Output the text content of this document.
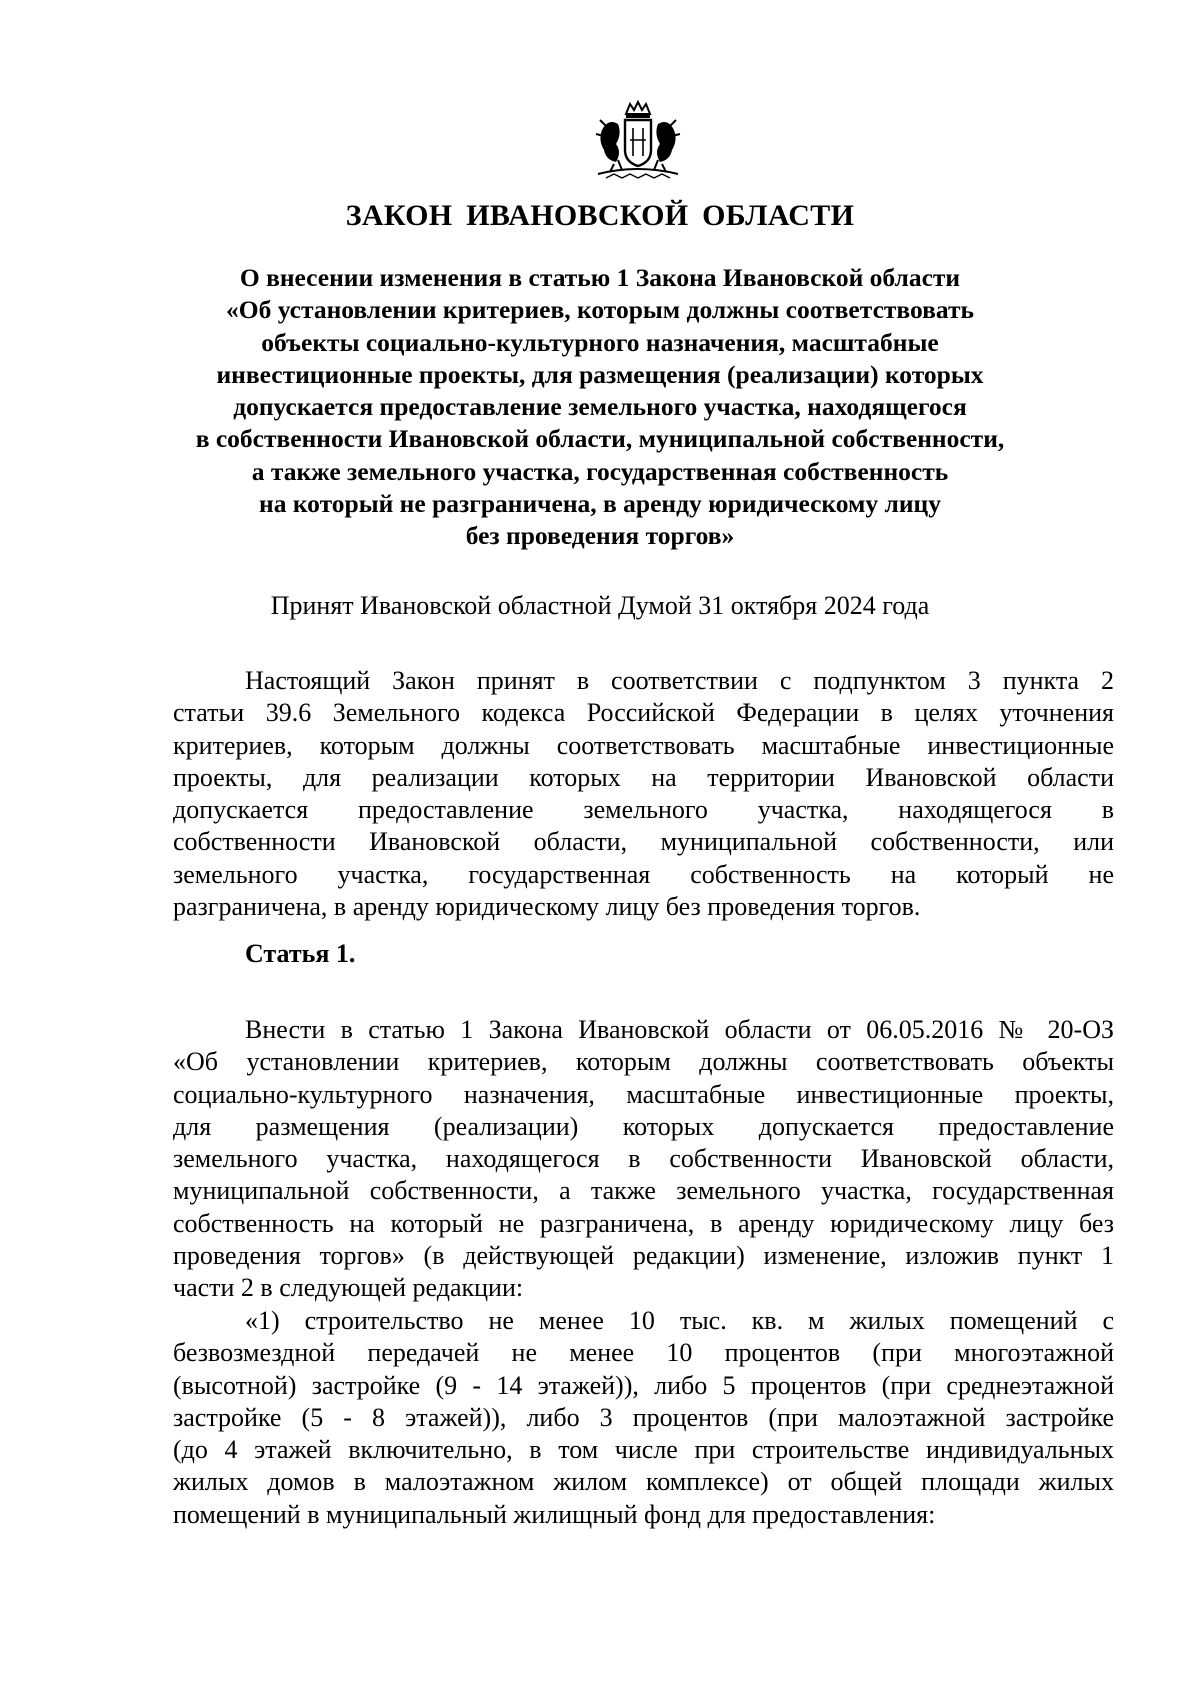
ЗАКОН ИВАНОВСКОЙ ОБЛАСТИ
О внесении изменения в статью 1 Закона Ивановской области
«Об установлении критериев, которым должны соответствовать
объекты социально-культурного назначения, масштабные
инвестиционные проекты, для размещения (реализации) которых
допускается предоставление земельного участка, находящегося
в собственности Ивановской области, муниципальной собственности,
а также земельного участка, государственная собственность
на который не разграничена, в аренду юридическому лицу
без проведения торгов»
Принят Ивановской областной Думой 31 октября 2024 года
Настоящий Закон принят в соответствии с подпунктом 3 пункта 2
статьи 39.6 Земельного кодекса Российской Федерации в целях уточнения
критериев, которым должны соответствовать масштабные инвестиционные
проекты, для реализации которых на территории Ивановской области
допускается предоставление земельного участка, находящегося в
собственности Ивановской области, муниципальной собственности, или
земельного участка, государственная собственность на который не
разграничена, в аренду юридическому лицу без проведения торгов.
Статья 1.
Внести в статью 1 Закона Ивановской области от 06.05.2016 № 20-ОЗ
«Об установлении критериев, которым должны соответствовать объекты
социально-культурного назначения, масштабные инвестиционные проекты,
для размещения (реализации) которых допускается предоставление
земельного участка, находящегося в собственности Ивановской области,
муниципальной собственности, а также земельного участка, государственная
собственность на который не разграничена, в аренду юридическому лицу без
проведения торгов» (в действующей редакции) изменение, изложив пункт 1
части 2 в следующей редакции:
«1) строительство не менее 10 тыс. кв. м жилых помещений с
безвозмездной передачей не менее 10 процентов (при многоэтажной
(высотной) застройке (9 - 14 этажей)), либо 5 процентов (при среднеэтажной
застройке (5 - 8 этажей)), либо 3 процентов (при малоэтажной застройке
(до 4 этажей включительно, в том числе при строительстве индивидуальных
жилых домов в малоэтажном жилом комплексе) от общей площади жилых
помещений в муниципальный жилищный фонд для предоставления:
